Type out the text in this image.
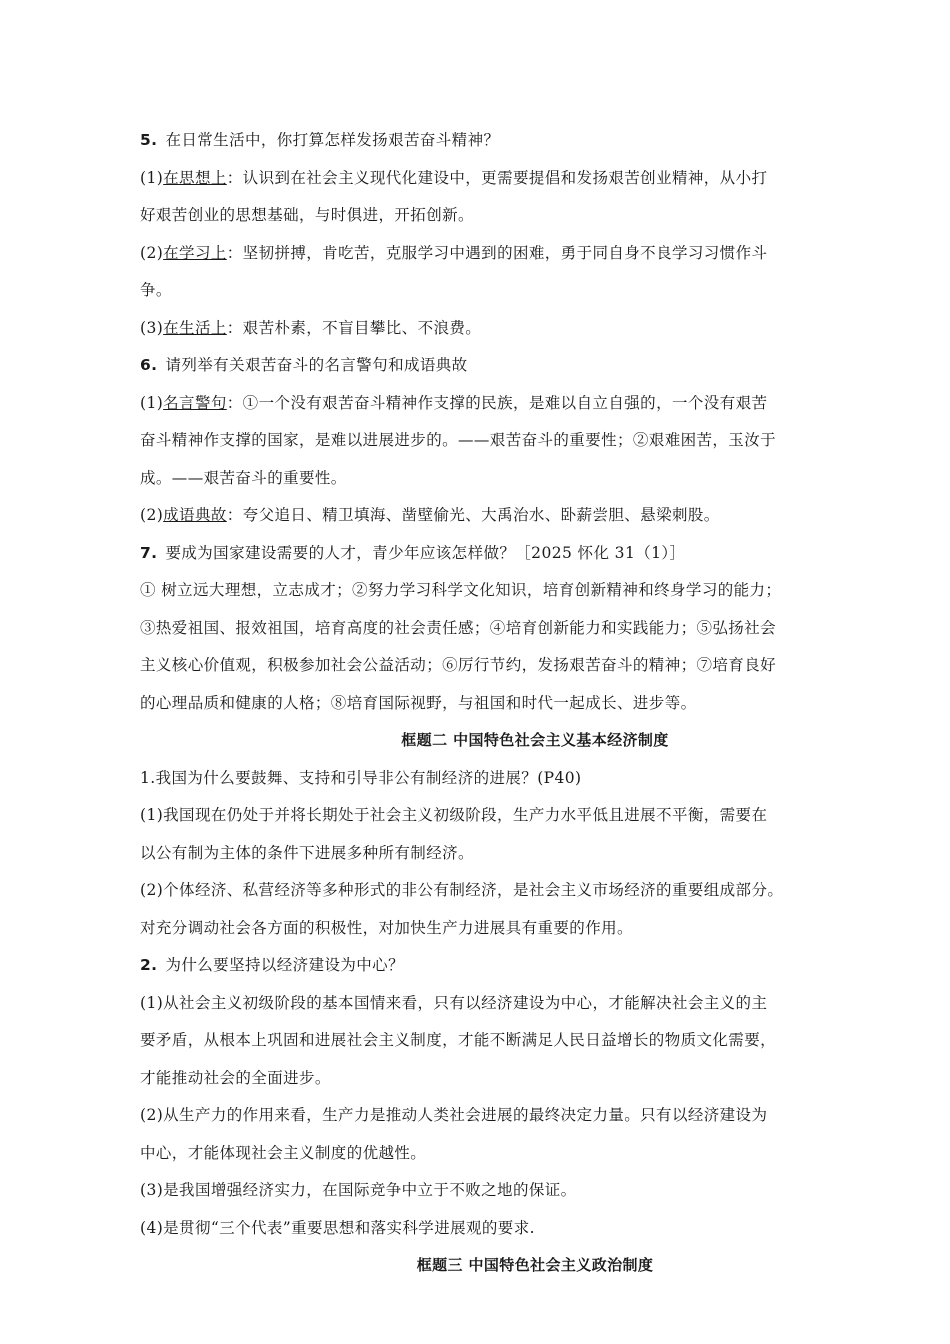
5. 在日常生活中，你打算怎样发扬艰苦奋斗精神？
(1)在思想上：认识到在社会主义现代化建设中，更需要提倡和发扬艰苦创业精神，从小打
好艰苦创业的思想基础，与时俱进，开拓创新。
(2)在学习上：坚韧拼搏，肯吃苦，克服学习中遇到的困难，勇于同自身不良学习习惯作斗
争。
(3)在生活上：艰苦朴素，不盲目攀比、不浪费。
6. 请列举有关艰苦奋斗的名言警句和成语典故
(1)名言警句：①一个没有艰苦奋斗精神作支撑的民族，是难以自立自强的，一个没有艰苦
奋斗精神作支撑的国家，是难以进展进步的。——艰苦奋斗的重要性；②艰难困苦，玉汝于
成。——艰苦奋斗的重要性。
(2)成语典故：夸父追日、精卫填海、凿壁偷光、大禹治水、卧薪尝胆、悬梁刺股。
7. 要成为国家建设需要的人才，青少年应该怎样做？［2025 怀化 31（1）］
① 树立远大理想，立志成才；②努力学习科学文化知识，培育创新精神和终身学习的能力；
③热爱祖国、报效祖国，培育高度的社会责任感；④培育创新能力和实践能力；⑤弘扬社会
主义核心价值观，积极参加社会公益活动；⑥厉行节约，发扬艰苦奋斗的精神；⑦培育良好
的心理品质和健康的人格；⑧培育国际视野，与祖国和时代一起成长、进步等。
框题二 中国特色社会主义基本经济制度
1.我国为什么要鼓舞、支持和引导非公有制经济的进展？(P40)
(1)我国现在仍处于并将长期处于社会主义初级阶段，生产力水平低且进展不平衡，需要在
以公有制为主体的条件下进展多种所有制经济。
(2)个体经济、私营经济等多种形式的非公有制经济，是社会主义市场经济的重要组成部分。
对充分调动社会各方面的积极性，对加快生产力进展具有重要的作用。
2. 为什么要坚持以经济建设为中心？
(1)从社会主义初级阶段的基本国情来看，只有以经济建设为中心，才能解决社会主义的主
要矛盾，从根本上巩固和进展社会主义制度，才能不断满足人民日益增长的物质文化需要，
才能推动社会的全面进步。
(2)从生产力的作用来看，生产力是推动人类社会进展的最终决定力量。只有以经济建设为
中心，才能体现社会主义制度的优越性。
(3)是我国增强经济实力，在国际竞争中立于不败之地的保证。
(4)是贯彻“三个代表”重要思想和落实科学进展观的要求.
框题三 中国特色社会主义政治制度
